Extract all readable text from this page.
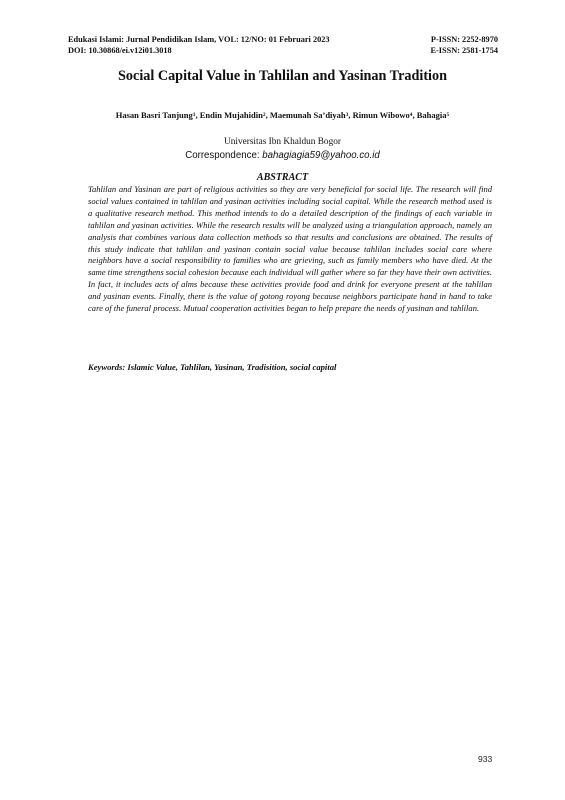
Edukasi Islami: Jurnal Pendidikan Islam, VOL: 12/NO: 01 Februari 2023	P-ISSN: 2252-8970
DOI: 10.30868/ei.v12i01.3018	E-ISSN: 2581-1754
Social Capital Value in Tahlilan and Yasinan Tradition
Hasan Basri Tanjung$^1$, Endin Mujahidin$^2$, Maemunah Sa’diyah$^3$, Rimun Wibowo$^4$, Bahagia$^5$
Universitas Ibn Khaldun Bogor
Correspondence: bahagiagia59@yahoo.co.id
ABSTRACT

Tahlilan and Yasinan are part of religious activities so they are very beneficial for social life. The research will find social values contained in tahlilan and yasinan activities including social capital. While the research method used is a qualitative research method. This method intends to do a detailed description of the findings of each variable in tahlilan and yasinan activities. While the research results will be analyzed using a triangulation approach, namely an analysis that combines various data collection methods so that results and conclusions are obtained. The results of this study indicate that tahlilan and yasinan contain social value because tahlilan includes social care where neighbors have a social responsibility to families who are grieving, such as family members who have died. At the same time strengthens social cohesion because each individual will gather where so far they have their own activities. In fact, it includes acts of alms because these activities provide food and drink for everyone present at the tahlilan and yasinan events. Finally, there is the value of gotong royong because neighbors participate hand in hand to take care of the funeral process. Mutual cooperation activities began to help prepare the needs of yasinan and tahlilan.

Keywords: Islamic Value, Tahlilan, Yasinan, Tradisition, social capital
933
